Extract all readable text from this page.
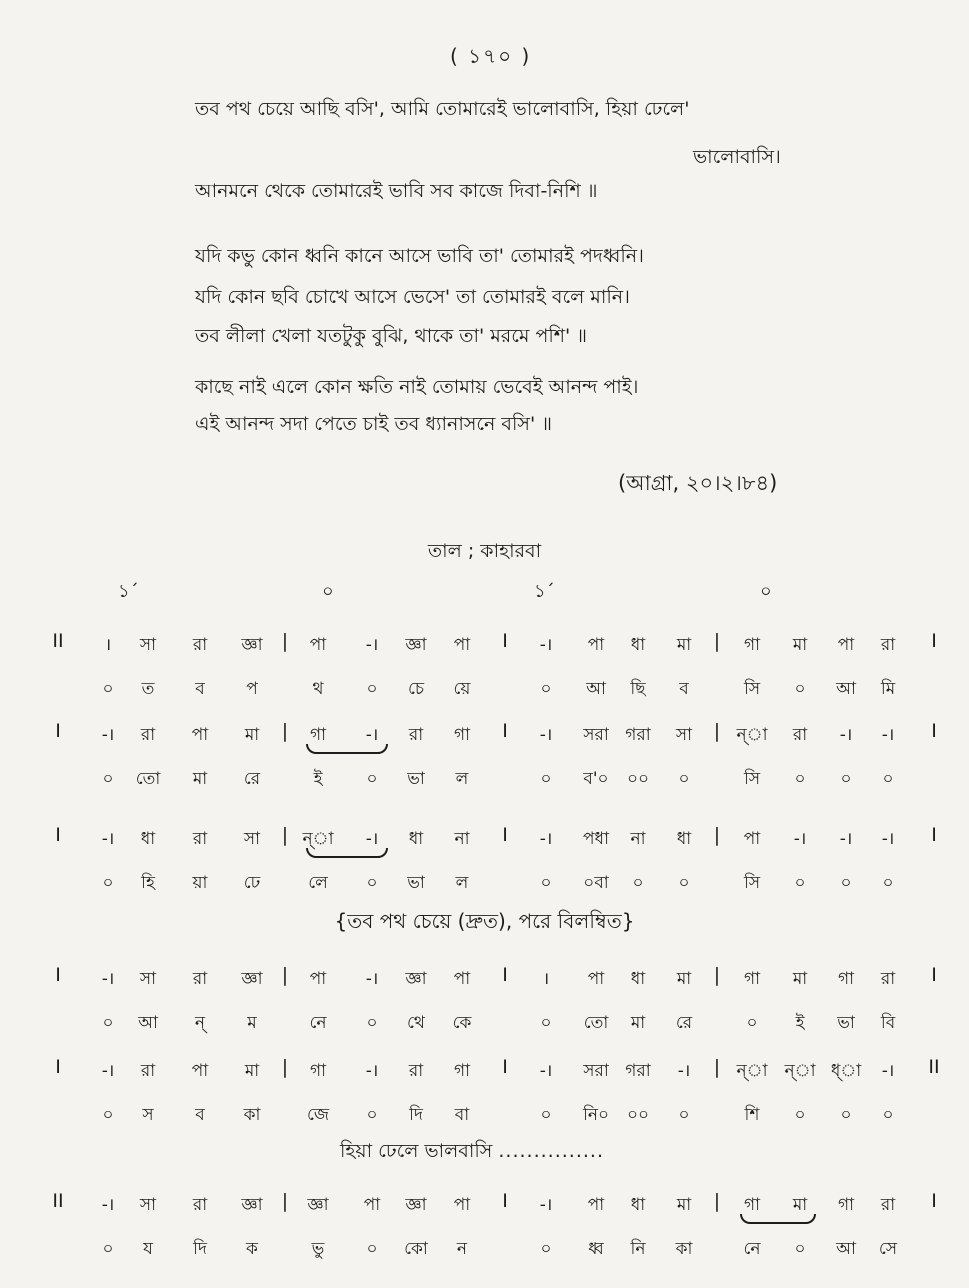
( ১৭০ )
তব পথ চেয়ে আছি বসি', আমি তোমারেই ভালোবাসি, হিয়া ঢেলে'
ভালোবাসি।
আনমনে থেকে তোমারেই ভাবি সব কাজে দিবা-নিশি ॥
যদি কভু কোন ধ্বনি কানে আসে ভাবি তা' তোমারই পদধ্বনি।
যদি কোন ছবি চোখে আসে ভেসে' তা তোমারই বলে মানি।
তব লীলা খেলা যতটুকু বুঝি, থাকে তা' মরমে পশি' ॥
কাছে নাই এলে কোন ক্ষতি নাই তোমায় ভেবেই আনন্দ পাই।
এই আনন্দ সদা পেতে চাই তব ধ্যানাসনে বসি' ॥
(আগ্রা, ২০।২।৮৪)
তাল ; কাহারবা
১´	০	১´	০
II	I
|	I	|
। সা রা জ্ঞা	পা -। জ্ঞা পা	-। পা ধা মা	গা মা পা রা
০ ত ব প	থ	০ চে য়ে	০ আ ছি ব	সি ০ আ মি
I	I
|	I	|
-। রা পা মা	গা -। রা গা	-। সরা গরা সা	ন্‌া রা -। -।
০ তো মা রে	ই	০ ভা ল	০ ব'০ ০০ ০	সি ০ ০ ০
I	I
|	I	|
-। ধা রা সা ন্‌া -। ধা না	-। পধা না ধা	পা -। -। -।
০ হি য়া ঢে	লে ০ ভা ল	০ ০বা ০ ০	সি ০ ০ ০
I	I
|	I	|
-। সা রা জ্ঞা	পা -। জ্ঞা পা	। পা ধা মা	গা মা গা রা
০ আ ন্‌ ম	নে ০ থে কে	০ তো মা রে	০ ই ভা বি
I	II
|	I	|
-। রা পা মা	গা -। রা গা	-। সরা গরা -।	ন্‌া ন্‌া ধ্‌া -।
০ স ব কা	জে ০ দি বা	০ নি০ ০০ ০	শি ০ ০ ০
II	I
|	I	|
-। সা রা জ্ঞা	জ্ঞা পা জ্ঞা পা	-। পা ধা মা	গা মা গা রা
০ য দি ক	ভু ০ কো ন	০ ধ্ব নি কা	নে ০ আ সে
{তব পথ চেয়ে (দ্রুত), পরে বিলম্বিত}
হিয়া ঢেলে ভালবাসি ...............
